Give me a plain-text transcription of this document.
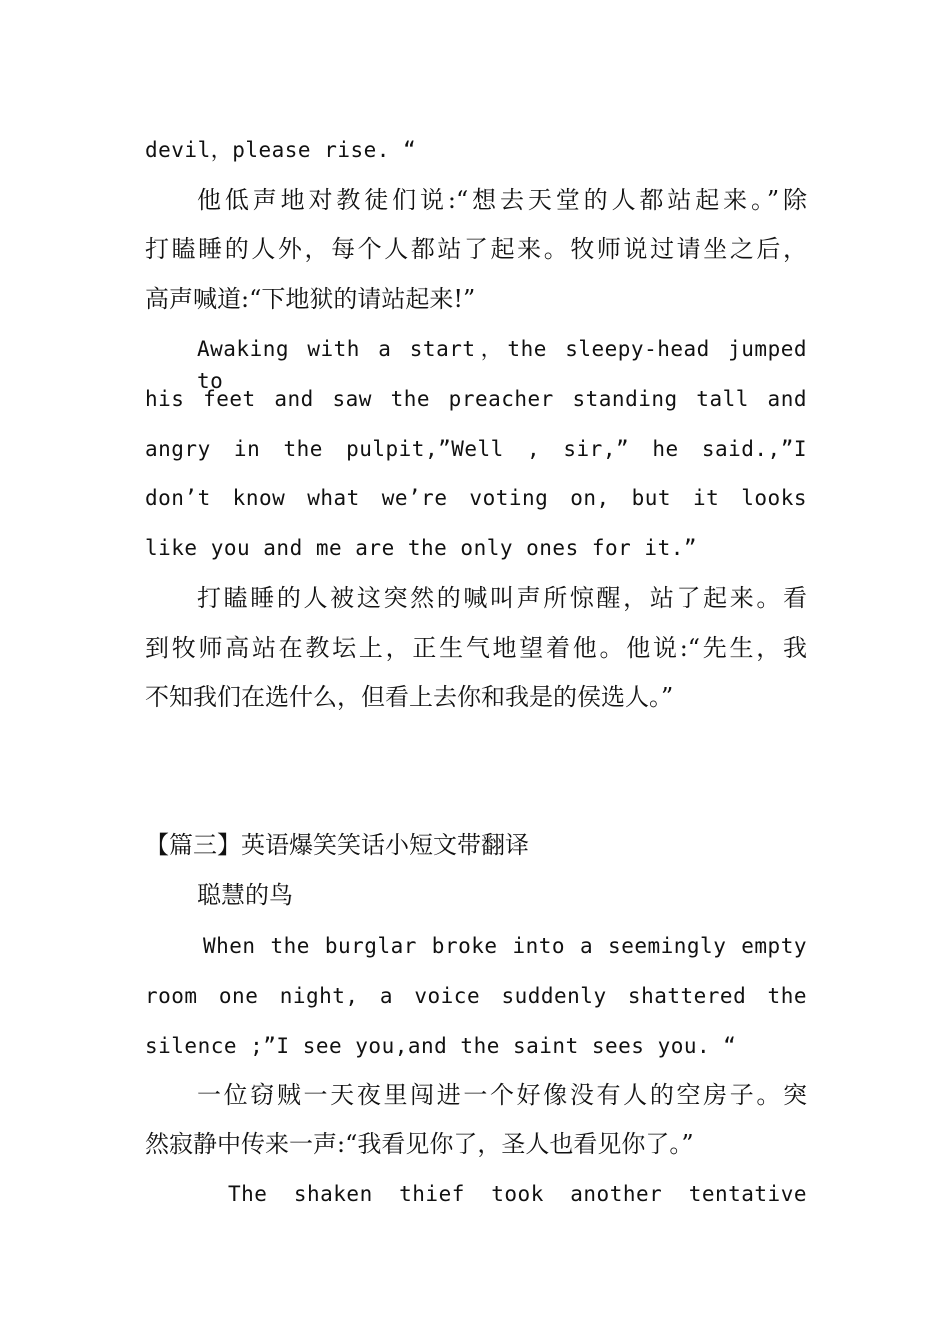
devil，please rise. “
他低声地对教徒们说:“想去天堂的人都站起来。”除
打瞌睡的人外，每个人都站了起来。牧师说过请坐之后，
高声喊道:“下地狱的请站起来!”
Awaking with a start，the sleepy-head jumped to
his feet and saw the preacher standing tall and
angry in the pulpit,”Well , sir,” he said.,”I
don’t know what we’re voting on, but it looks
like you and me are the only ones for it.”
打瞌睡的人被这突然的喊叫声所惊醒，站了起来。看
到牧师高站在教坛上，正生气地望着他。他说:“先生，我
不知我们在选什么，但看上去你和我是的侯选人。”
【篇三】英语爆笑笑话小短文带翻译
聪慧的鸟
When the burglar broke into a seemingly empty
room one night, a voice suddenly shattered the
silence ;”I see you,and the saint sees you. “
一位窃贼一天夜里闯进一个好像没有人的空房子。突
然寂静中传来一声:“我看见你了，圣人也看见你了。”
The shaken thief took another tentative
